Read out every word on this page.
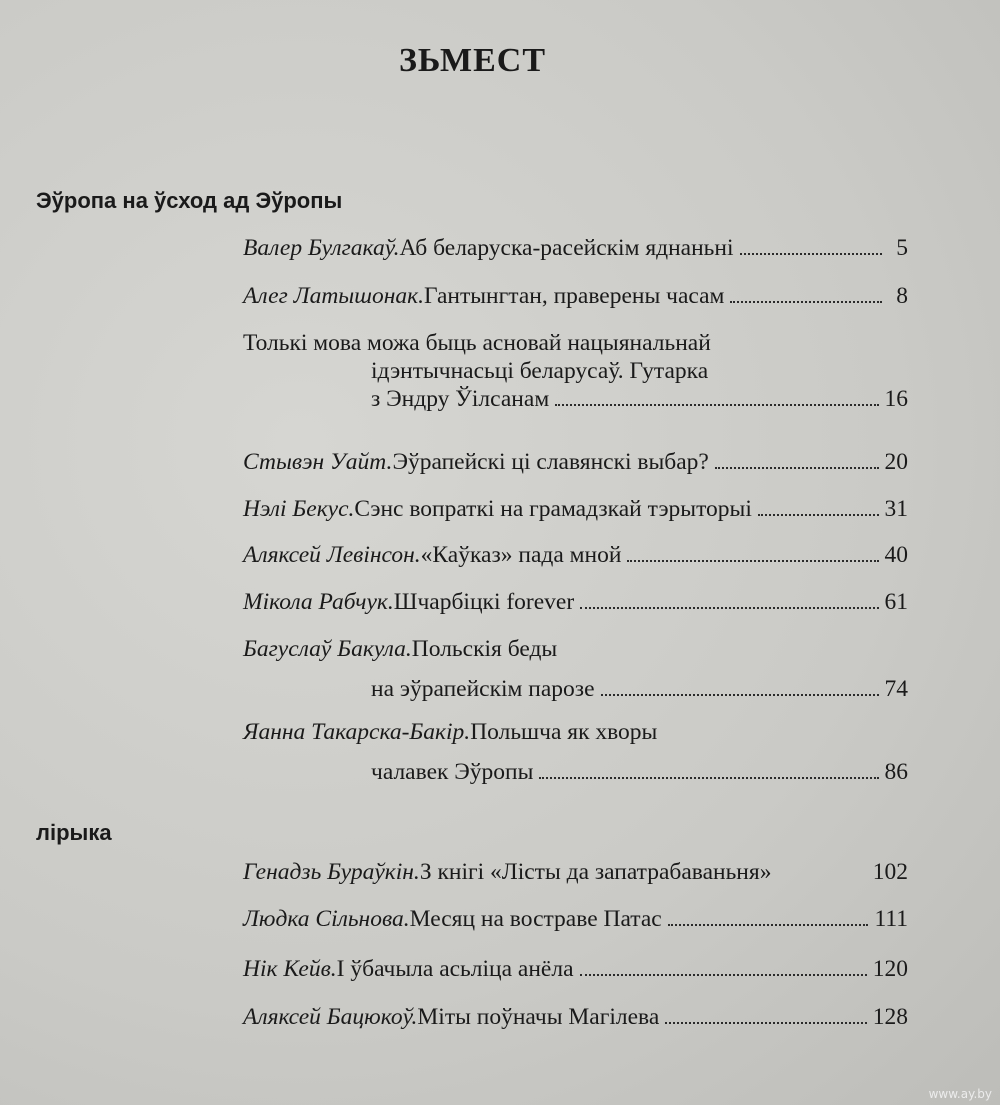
ЗЬМЕСТ
Эўропа на ўсход ад Эўропы
Валер Булгакаў. Аб беларуска-расейскім яднаньні	5
Алег Латышонак. Гантынгтан, праверены часам	8
Толькі мова можа быць асновай нацыянальнай
ідэнтычнасьці беларусаў. Гутарка
з Эндру Ўілсанам	16
Стывэн Уайт. Эўрапейскі ці славянскі выбар?	20
Нэлі Бекус. Сэнс вопраткі на грамадзкай тэрыторыі	31
Аляксей Левінсон. «Каўказ» пада мной	40
Мікола Рабчук. Шчарбіцкі forever	61
Багуслаў Бакула. Польскія беды
на эўрапейскім парозе	74
Яанна Такарска-Бакір. Польшча як хворы
чалавек Эўропы	86
лірыка
Генадзь Бураўкін. З кнігі «Лісты да запатрабаваньня»	102
Людка Сільнова. Месяц на востраве Патас	111
Нік Кейв. І ўбачыла асьліца анёла	120
Аляксей Бацюкоў. Міты поўначы Магілева	128
www.ay.by
